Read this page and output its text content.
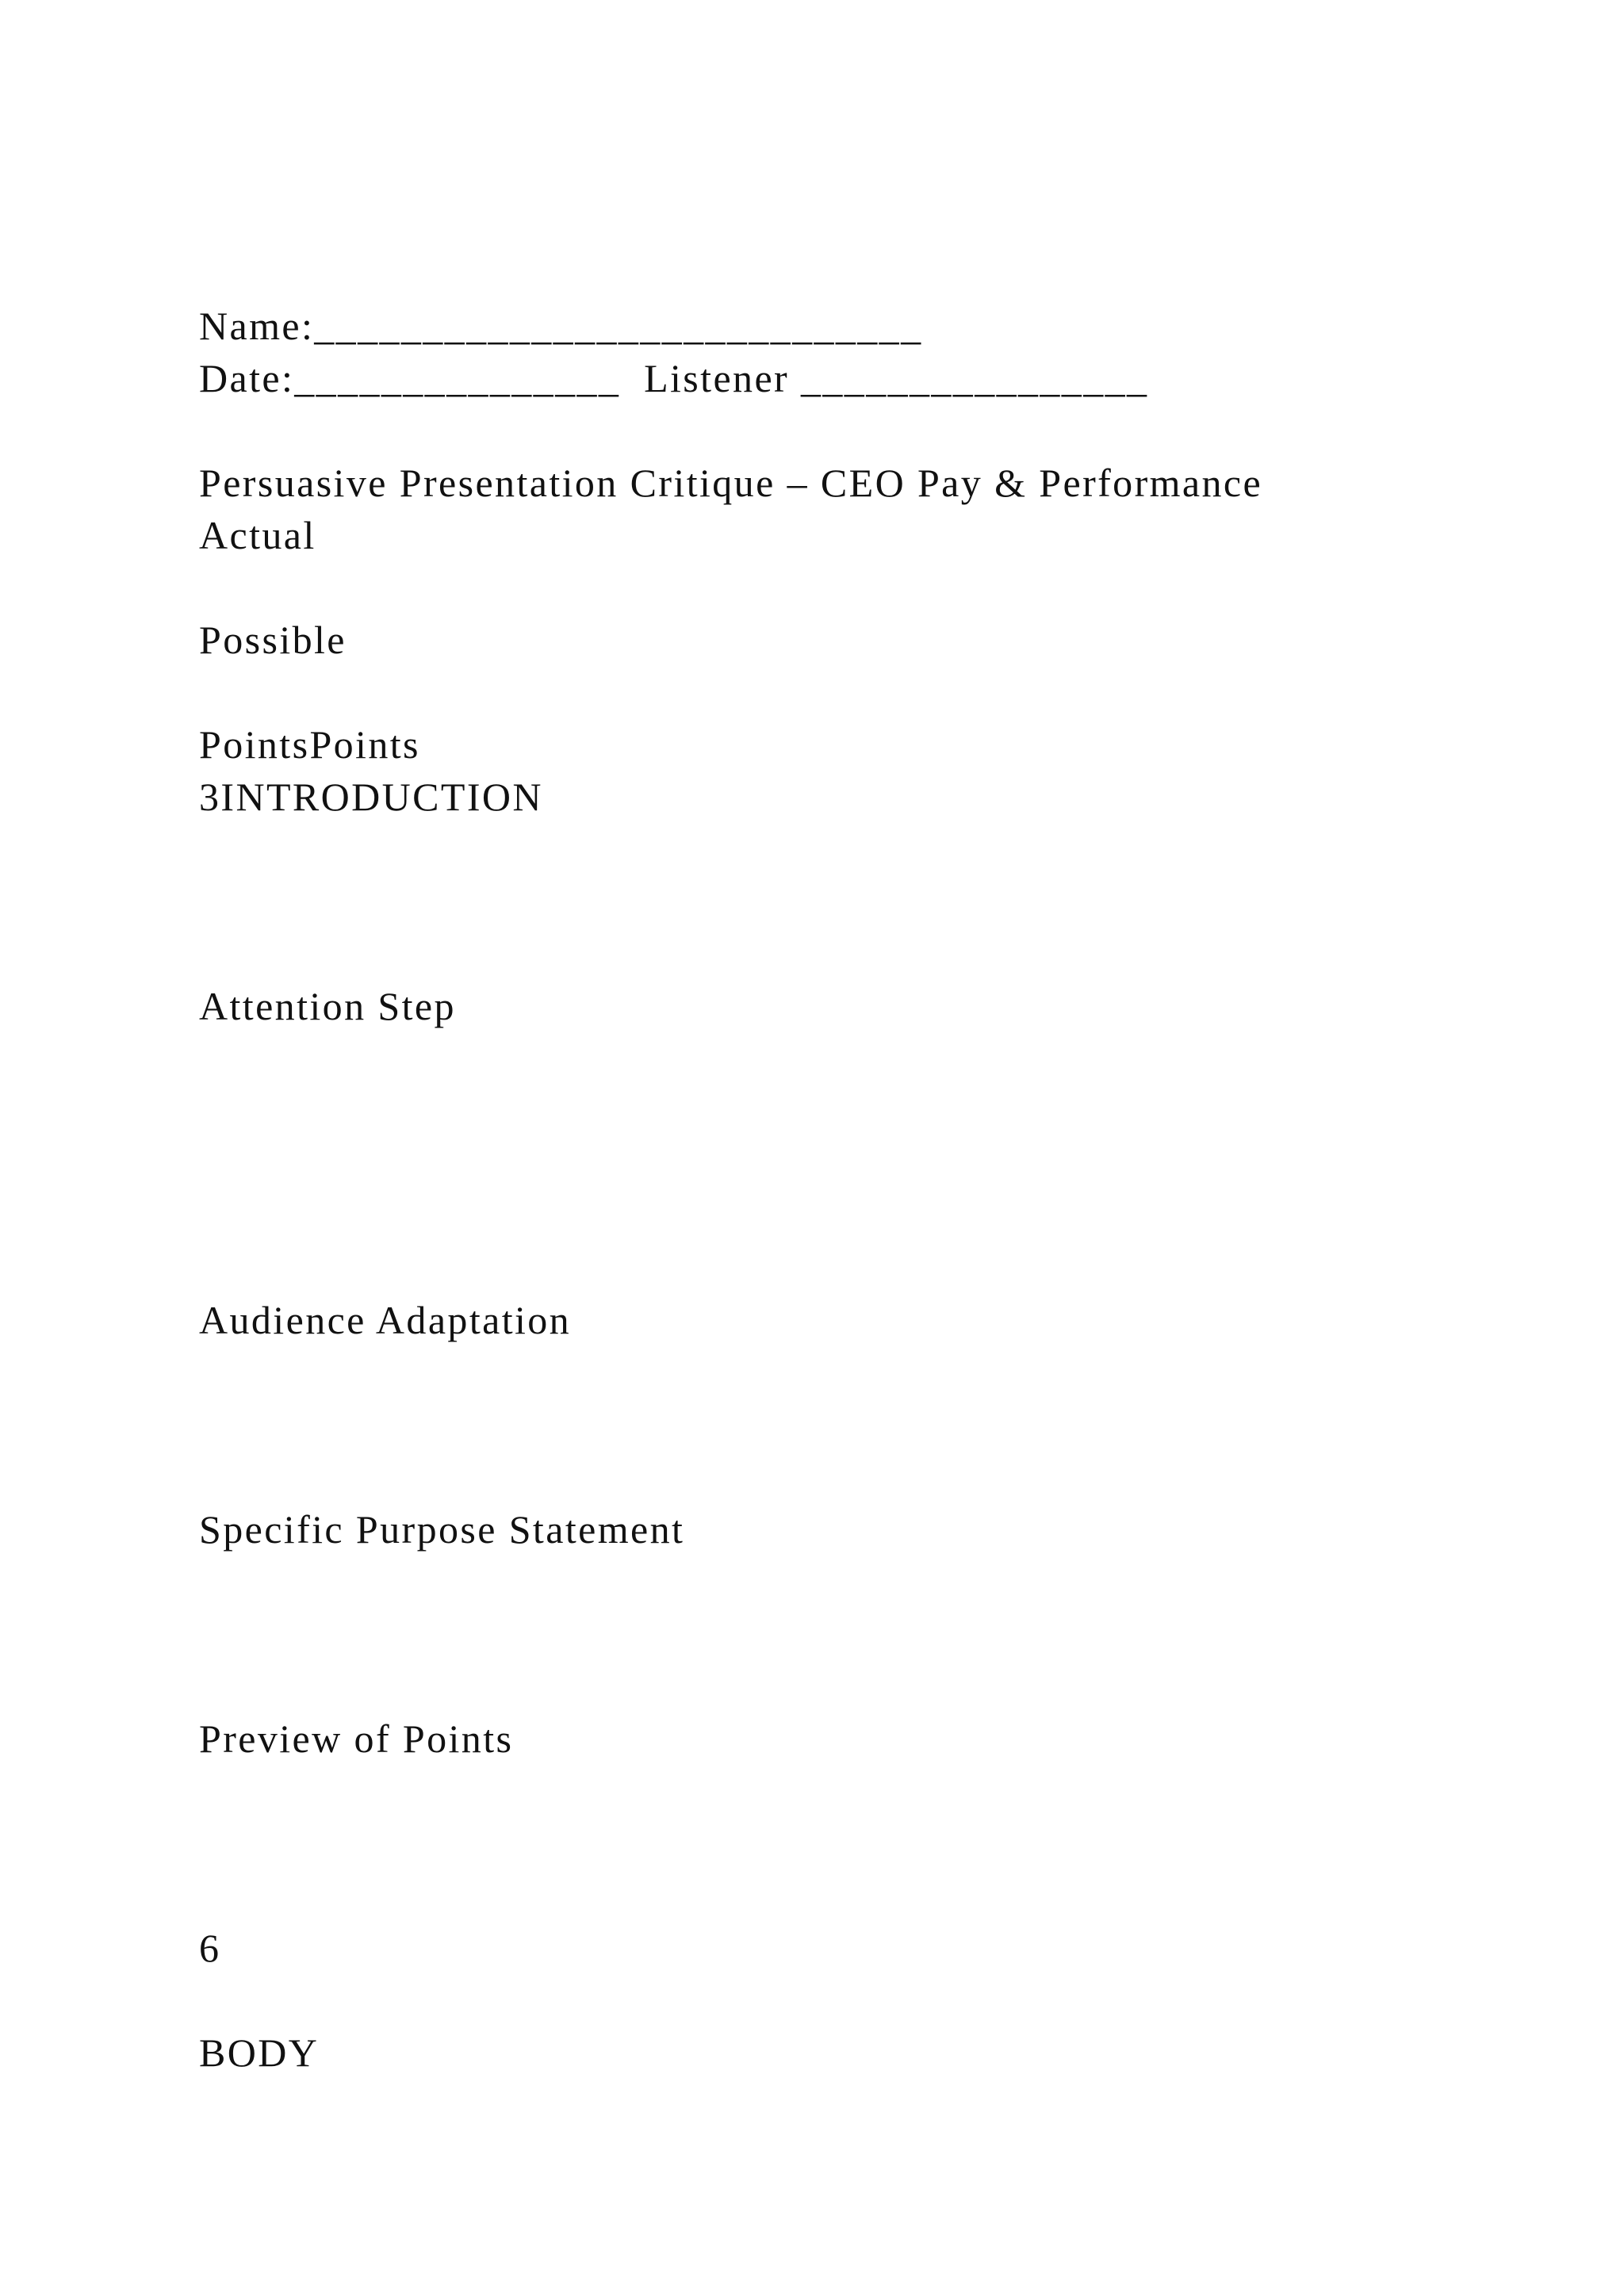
Name:____________________________
Date:_______________  Listener ________________
Persuasive Presentation Critique – CEO Pay & Performance
Actual
Possible
PointsPoints
3INTRODUCTION
Attention Step
Audience Adaptation
Specific Purpose Statement
Preview of Points
6
BODY
